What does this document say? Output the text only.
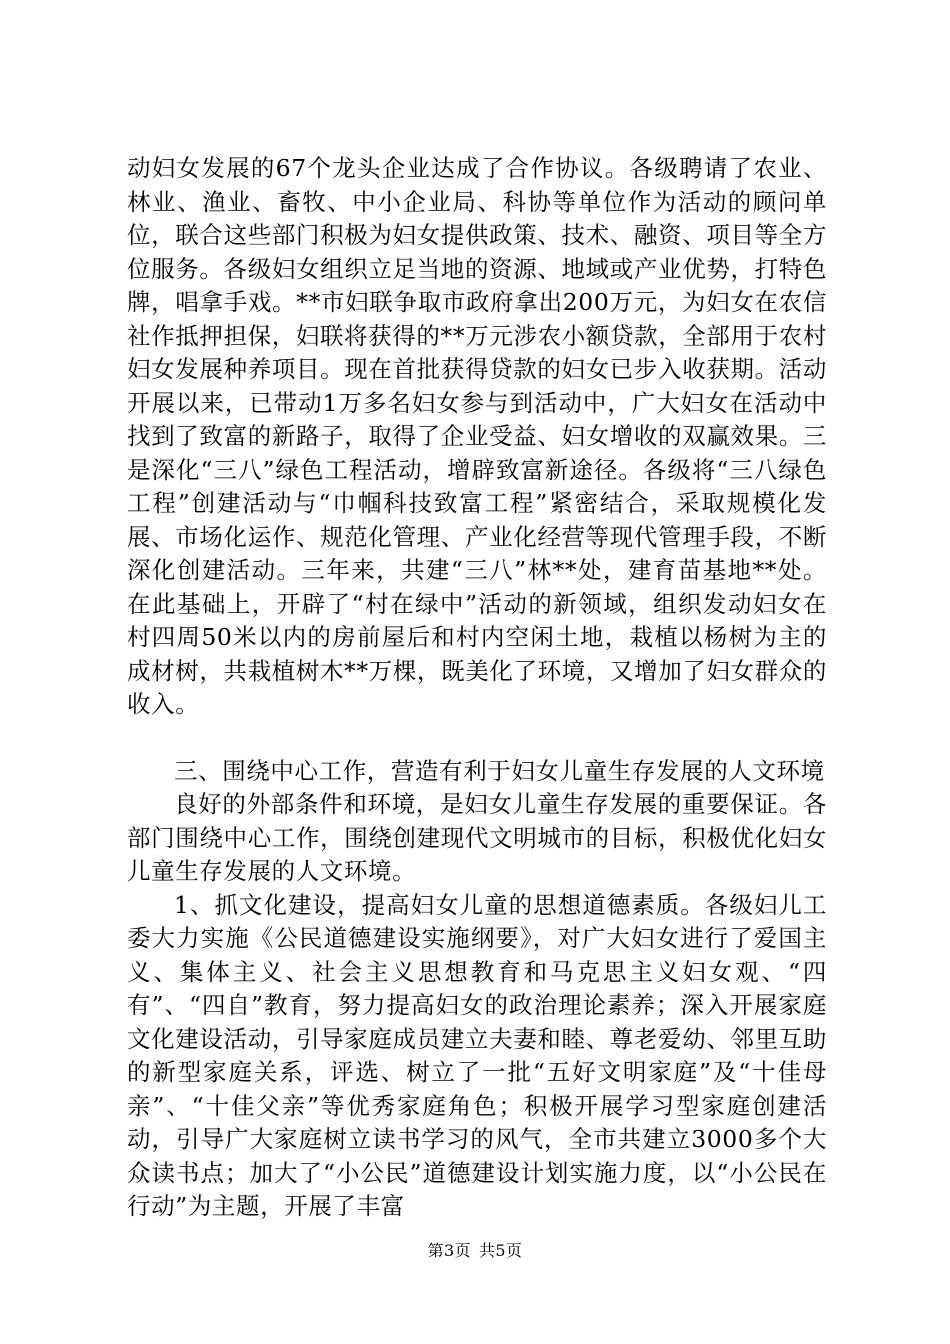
动妇女发展的67个龙头企业达成了合作协议。各级聘请了农业、林业、渔业、畜牧、中小企业局、科协等单位作为活动的顾问单位，联合这些部门积极为妇女提供政策、技术、融资、项目等全方位服务。各级妇女组织立足当地的资源、地域或产业优势，打特色牌，唱拿手戏。**市妇联争取市政府拿出200万元，为妇女在农信社作抵押担保，妇联将获得的**万元涉农小额贷款，全部用于农村妇女发展种养项目。现在首批获得贷款的妇女已步入收获期。活动开展以来，已带动1万多名妇女参与到活动中，广大妇女在活动中找到了致富的新路子，取得了企业受益、妇女增收的双赢效果。三是深化“三八”绿色工程活动，增辟致富新途径。各级将“三八绿色工程”创建活动与“巾帼科技致富工程”紧密结合，采取规模化发展、市场化运作、规范化管理、产业化经营等现代管理手段，不断深化创建活动。三年来，共建“三八”林**处，建育苗基地**处。在此基础上，开辟了“村在绿中”活动的新领域，组织发动妇女在村四周50米以内的房前屋后和村内空闲土地，栽植以杨树为主的成材树，共栽植树木**万棵，既美化了环境，又增加了妇女群众的收入。

三、围绕中心工作，营造有利于妇女儿童生存发展的人文环境

良好的外部条件和环境，是妇女儿童生存发展的重要保证。各部门围绕中心工作，围绕创建现代文明城市的目标，积极优化妇女儿童生存发展的人文环境。

1、抓文化建设，提高妇女儿童的思想道德素质。各级妇儿工委大力实施《公民道德建设实施纲要》，对广大妇女进行了爱国主义、集体主义、社会主义思想教育和马克思主义妇女观、“四有”、“四自”教育，努力提高妇女的政治理论素养；深入开展家庭文化建设活动，引导家庭成员建立夫妻和睦、尊老爱幼、邻里互助的新型家庭关系，评选、树立了一批“五好文明家庭”及“十佳母亲”、“十佳父亲”等优秀家庭角色；积极开展学习型家庭创建活动，引导广大家庭树立读书学习的风气，全市共建立3000多个大众读书点；加大了“小公民”道德建设计划实施力度，以“小公民在行动”为主题，开展了丰富

第3页 共5页
